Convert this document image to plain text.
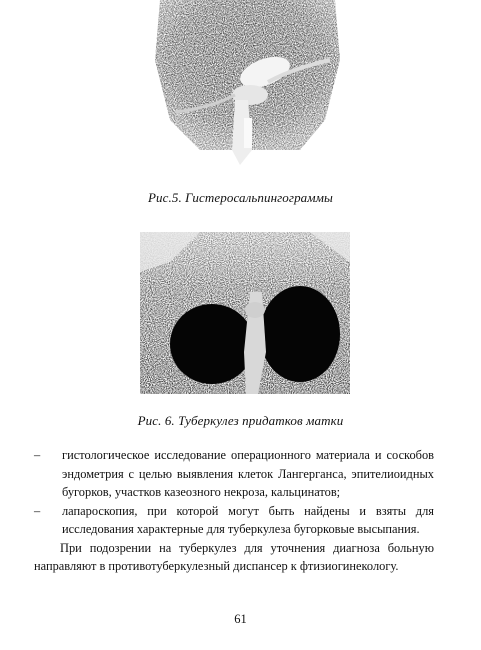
Рис.5. Гистеросальпингограммы
Рис. 6. Туберкулез придатков матки
– гистологическое исследование операционного материала и соскобов эндометрия с целью выявления клеток Лангерганса, эпителиоидных бугорков, участков казеозного некроза, кальцинатов;
– лапароскопия, при которой могут быть найдены и взяты для исследования характерные для туберкулеза бугорковые высыпания.
При подозрении на туберкулез для уточнения диагноза больную направляют в противотуберкулезный диспансер к фтизиогинекологу.
61
